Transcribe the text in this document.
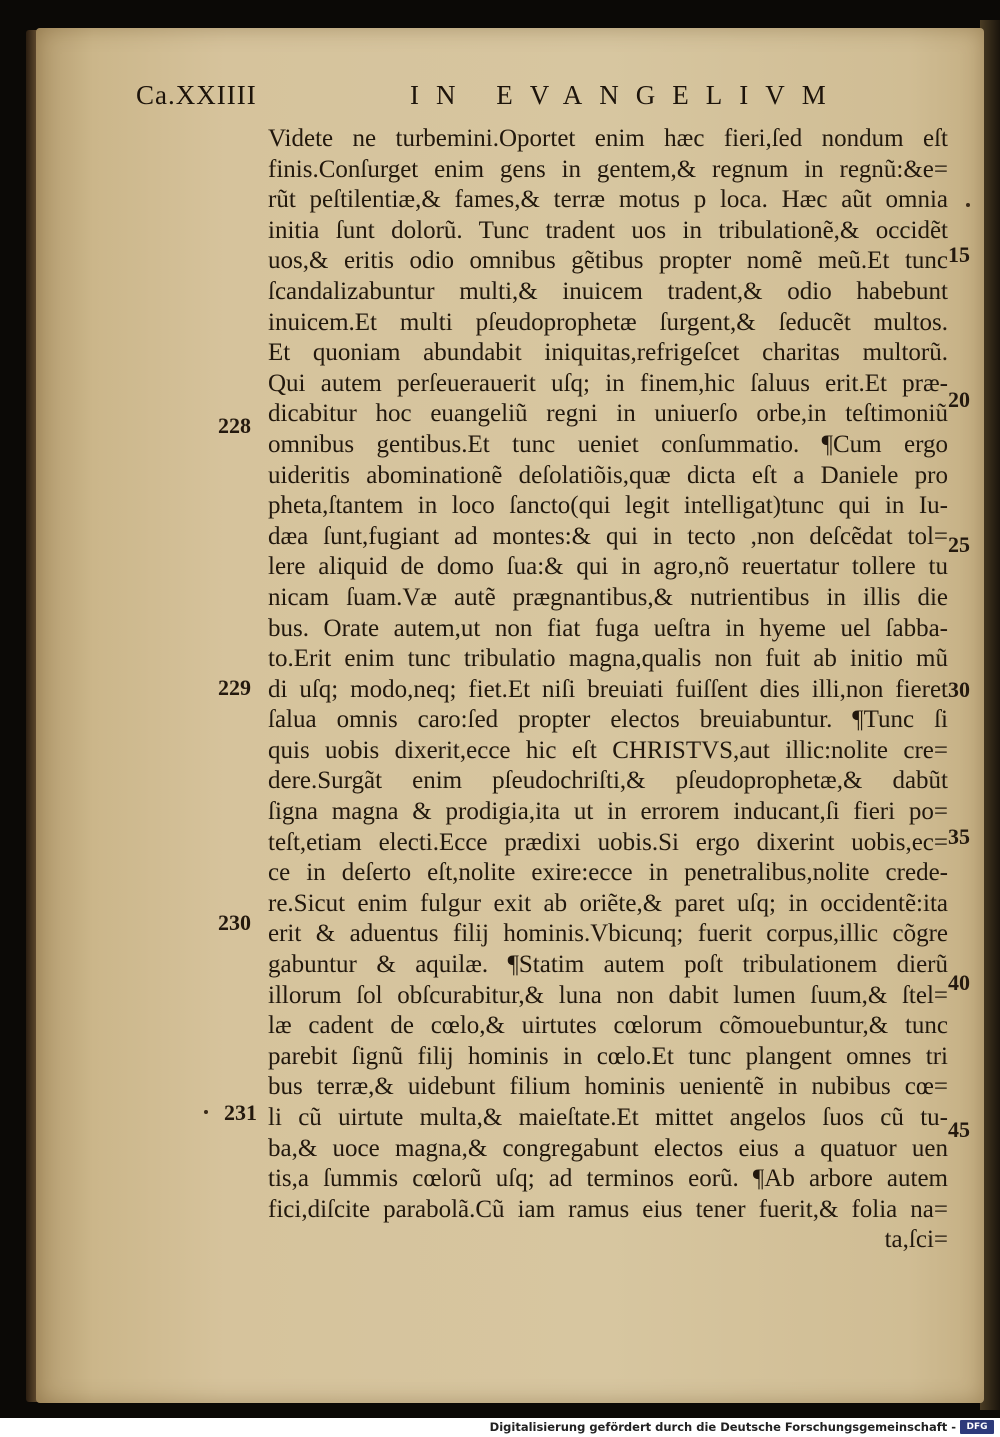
Ca.XXIIII	IN EVANGELIVM
Videte ne turbemini.Oportet enim hæc fieri,ſed nondum eſt
finis.Conſurget enim gens in gentem,& regnum in regnũ:&e=
rũt peſtilentiæ,& fames,& terræ motus p loca. Hæc aũt omnia
initia ſunt dolorũ. Tunc tradent uos in tribulationẽ,& occidẽt
uos,& eritis odio omnibus gẽtibus propter nomẽ meũ.Et tunc
ſcandalizabuntur multi,& inuicem tradent,& odio habebunt
inuicem.Et multi pſeudoprophetæ ſurgent,& ſeducẽt multos.
Et quoniam abundabit iniquitas,refrigeſcet charitas multorũ.
Qui autem perſeuerauerit uſq; in finem,hic ſaluus erit.Et præ-
dicabitur hoc euangeliũ regni in uniuerſo orbe,in teſtimoniũ
omnibus gentibus.Et tunc ueniet conſummatio. ¶Cum ergo
uideritis abominationẽ deſolatiõis,quæ dicta eſt a Daniele pro
pheta,ſtantem in loco ſancto(qui legit intelligat)tunc qui in Iu-
dæa ſunt,fugiant ad montes:& qui in tecto ,non deſcẽdat tol=
lere aliquid de domo ſua:& qui in agro,nõ reuertatur tollere tu
nicam ſuam.Væ autẽ prægnantibus,& nutrientibus in illis die
bus. Orate autem,ut non fiat fuga ueſtra in hyeme uel ſabba-
to.Erit enim tunc tribulatio magna,qualis non fuit ab initio mũ
di uſq; modo,neq; fiet.Et niſi breuiati fuiſſent dies illi,non fieret
ſalua omnis caro:ſed propter electos breuiabuntur. ¶Tunc ſi
quis uobis dixerit,ecce hic eſt CHRISTVS,aut illic:nolite cre=
dere.Surgãt enim pſeudochriſti,& pſeudoprophetæ,& dabũt
ſigna magna & prodigia,ita ut in errorem inducant,ſi fieri po=
teſt,etiam electi.Ecce prædixi uobis.Si ergo dixerint uobis,ec=
ce in deſerto eſt,nolite exire:ecce in penetralibus,nolite crede-
re.Sicut enim fulgur exit ab oriẽte,& paret uſq; in occidentẽ:ita
erit & aduentus filij hominis.Vbicunq; fuerit corpus,illic cõgre
gabuntur & aquilæ. ¶Statim autem poſt tribulationem dierũ
illorum ſol obſcurabitur,& luna non dabit lumen ſuum,& ſtel=
læ cadent de cœlo,& uirtutes cœlorum cõmouebuntur,& tunc
parebit ſignũ filij hominis in cœlo.Et tunc plangent omnes tri
bus terræ,& uidebunt filium hominis uenientẽ in nubibus cœ=
li cũ uirtute multa,& maieſtate.Et mittet angelos ſuos cũ tu-
ba,& uoce magna,& congregabunt electos eius a quatuor uen
tis,a ſummis cœlorũ uſq; ad terminos eorũ. ¶Ab arbore autem
fici,diſcite parabolã.Cũ iam ramus eius tener fuerit,& folia na=
ta,ſci=
228
229
230
231
15
20
25
30
35
40
45
Digitalisierung gefördert durch die Deutsche Forschungsgemeinschaft -	DFG
